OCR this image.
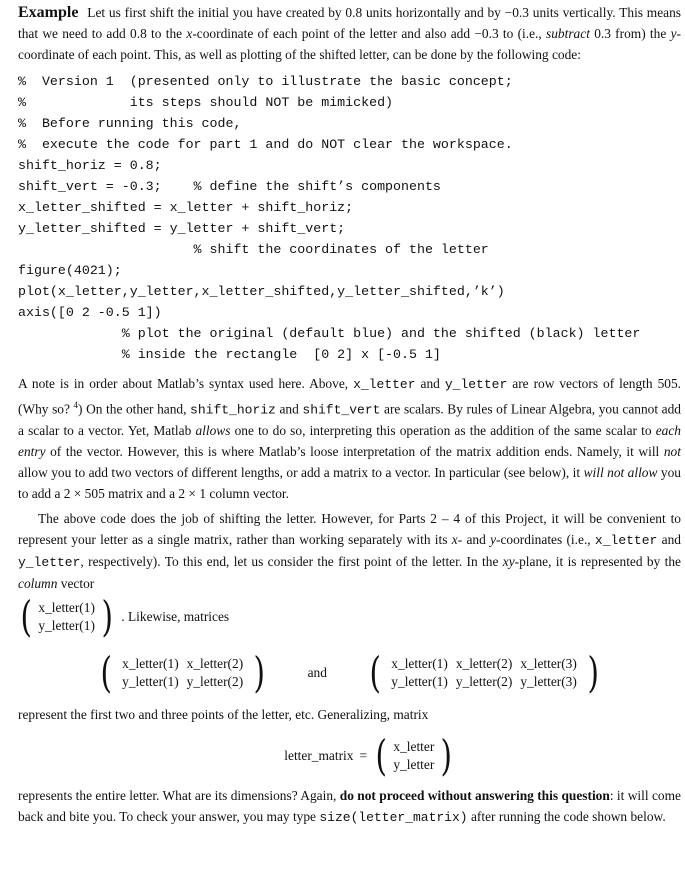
Example Let us first shift the initial you have created by 0.8 units horizontally and by −0.3 units vertically. This means that we need to add 0.8 to the x-coordinate of each point of the letter and also add −0.3 to (i.e., subtract 0.3 from) the y-coordinate of each point. This, as well as plotting of the shifted letter, can be done by the following code:

%  Version 1  (presented only to illustrate the basic concept;
%             its steps should NOT be mimicked)
%  Before running this code,
%  execute the code for part 1 and do NOT clear the workspace.
shift_horiz = 0.8;
shift_vert = -0.3;    % define the shift’s components
x_letter_shifted = x_letter + shift_horiz;
y_letter_shifted = y_letter + shift_vert;
% shift the coordinates of the letter
figure(4021);
plot(x_letter,y_letter,x_letter_shifted,y_letter_shifted,’k’)
axis([0 2 -0.5 1])
% plot the original (default blue) and the shifted (black) letter
% inside the rectangle  [0 2] x [-0.5 1]

A note is in order about Matlab’s syntax used here. Above, x_letter and y_letter are row vectors of length 505. (Why so? $^4$) On the other hand, shift_horiz and shift_vert are scalars. By rules of Linear Algebra, you cannot add a scalar to a vector. Yet, Matlab allows one to do so, interpreting this operation as the addition of the same scalar to each entry of the vector. However, this is where Matlab’s loose interpretation of the matrix addition ends. Namely, it will not allow you to add two vectors of different lengths, or add a matrix to a vector. In particular (see below), it will not allow you to add a 2 × 505 matrix and a 2 × 1 column vector.

The above code does the job of shifting the letter. However, for Parts 2 – 4 of this Project, it will be convenient to represent your letter as a single matrix, rather than working separately with its x- and y-coordinates (i.e., x_letter and y_letter, respectively). To this end, let us consider the first point of the letter. In the xy-plane, it is represented by the column vector

( x_letter(1)
y_letter(1) ) . Likewise, matrices
( x_letter(1) x_letter(2)
y_letter(1) y_letter(2) )	and ( x_letter(1) x_letter(2) x_letter(3)
y_letter(1) y_letter(2) y_letter(3) )

represent the first two and three points of the letter, etc. Generalizing, matrix

letter_matrix = ( x_letter
y_letter )

represents the entire letter. What are its dimensions? Again, do not proceed without answering this question: it will come back and bite you. To check your answer, you may type size(letter_matrix) after running the code shown below.
